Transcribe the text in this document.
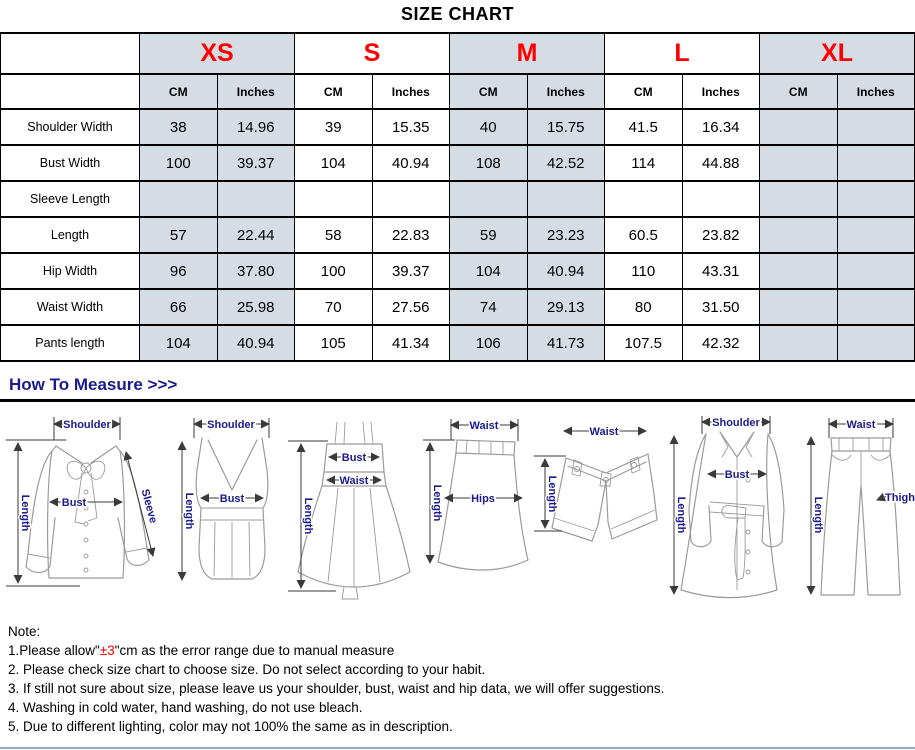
SIZE CHART
	XS		S		M		L		XL	
	CM	Inches	CM	Inches	CM	Inches	CM	Inches	CM	Inches
Shoulder Width	38	14.96	39	15.35	40	15.75	41.5	16.34		
Bust Width	100	39.37	104	40.94	108	42.52	114	44.88		
Sleeve Length										
Length	57	22.44	58	22.83	59	23.23	60.5	23.82		
Hip Width	96	37.80	100	39.37	104	40.94	110	43.31		
Waist Width	66	25.98	70	27.56	74	29.13	80	31.50		
Pants length	104	40.94	105	41.34	106	41.73	107.5	42.32		
How To Measure >>>
Shoulder
Bust	Sleeve
Length
Shoulder
Bust
Length
Bust
Waist
Length
Waist
Hips
Length
Waist
Length
Shoulder
Bust
Length
Waist
Thigh
Length
Note:
1.Please allow"±3"cm as the error range due to manual measure
2. Please check size chart to choose size. Do not select according to your habit.
3. If still not sure about size, please leave us your shoulder, bust, waist and hip data, we will offer suggestions.
4. Washing in cold water, hand washing, do not use bleach.
5. Due to different lighting, color may not 100% the same as in description.
